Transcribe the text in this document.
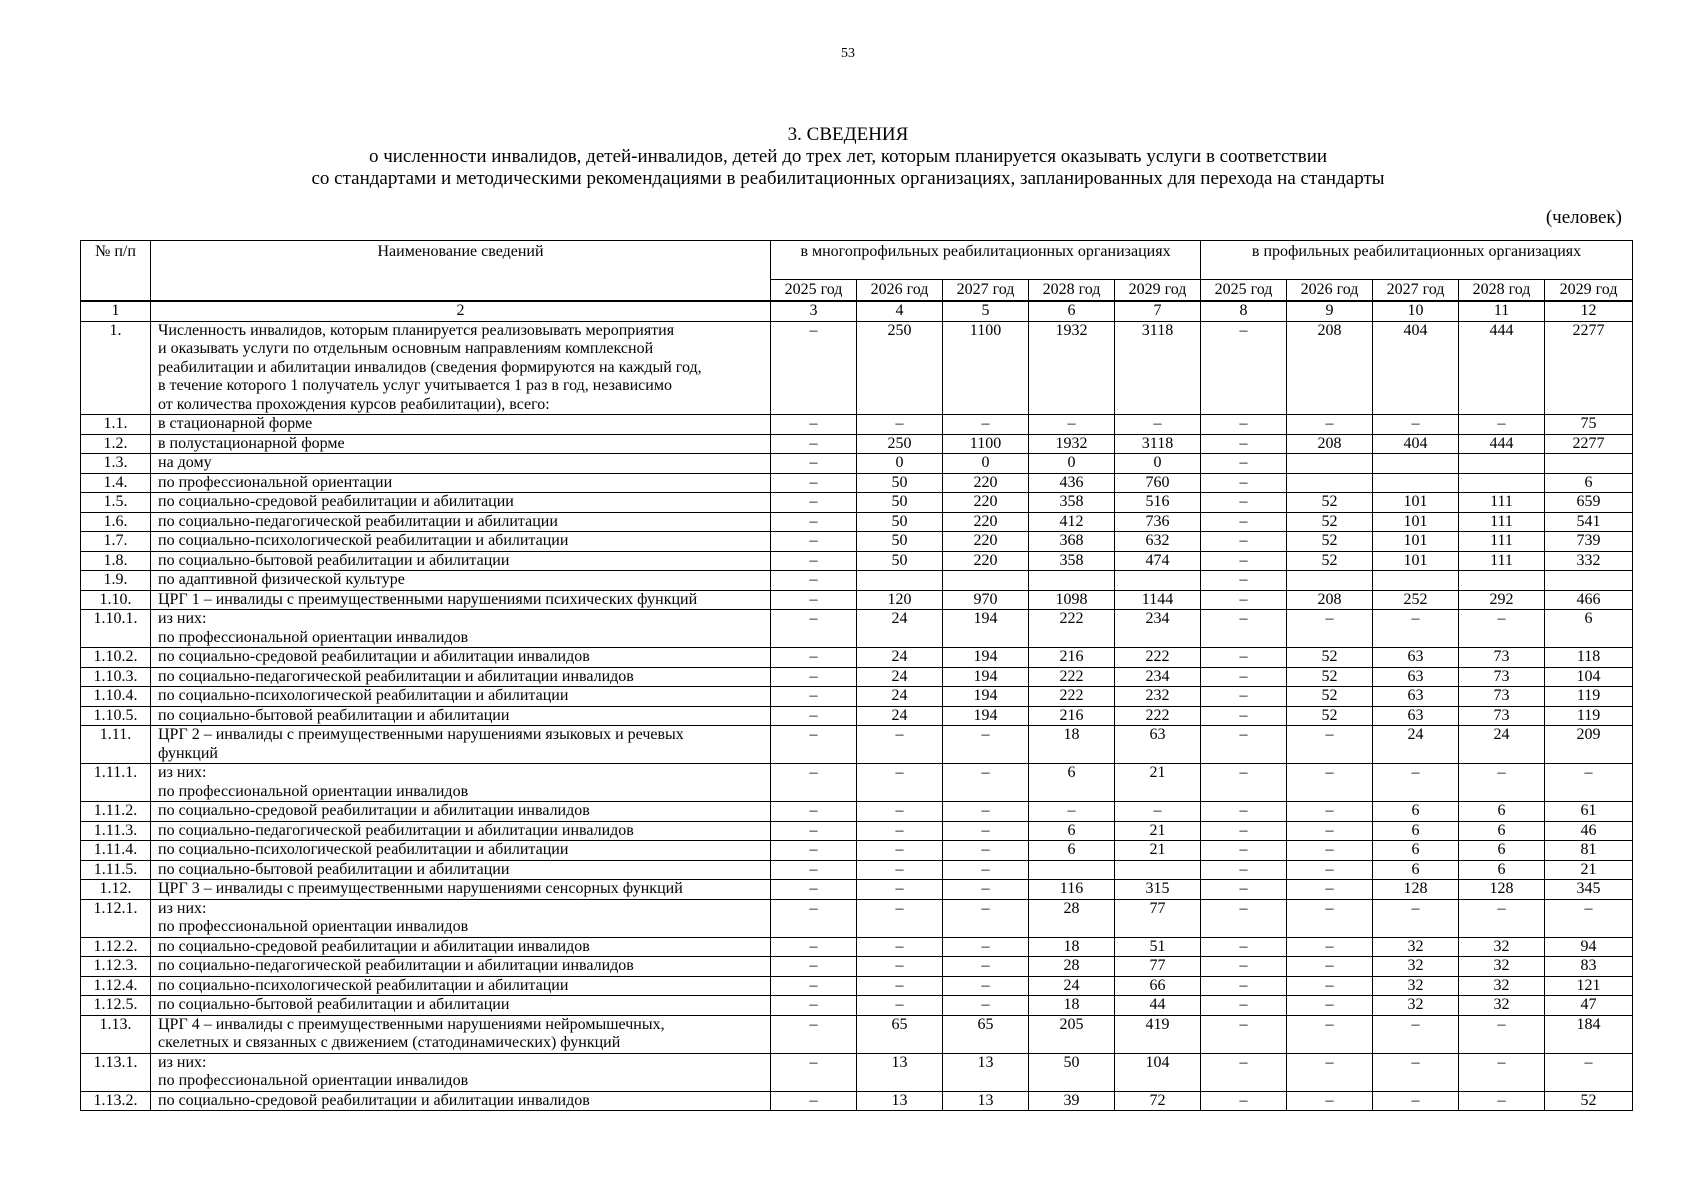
53
3. СВЕДЕНИЯ
о численности инвалидов, детей-инвалидов, детей до трех лет, которым планируется оказывать услуги в соответствии
со стандартами и методическими рекомендациями в реабилитационных организациях, запланированных для перехода на стандарты
(человек)
№ п/п	Наименование сведений	в многопрофильных реабилитационных организациях					в профильных реабилитационных организациях				
		2025 год	2026 год	2027 год	2028 год	2029 год	2025 год	2026 год	2027 год	2028 год	2029 год
1	2	3	4	5	6	7	8	9	10	11	12
1.	Численность инвалидов, которым планируется реализовывать мероприятия
и оказывать услуги по отдельным основным направлениям комплексной
реабилитации и абилитации инвалидов (сведения формируются на каждый год,
в течение которого 1 получатель услуг учитывается 1 раз в год, независимо
от количества прохождения курсов реабилитации), всего:	–	250	1100	1932	3118	–	208	404	444	2277
1.1.	в стационарной форме	–	–	–	–	–	–	–	–	–	75
1.2.	в полустационарной форме	–	250	1100	1932	3118	–	208	404	444	2277
1.3.	на дому	–	0	0	0	0	–				
1.4.	по профессиональной ориентации	–	50	220	436	760	–				6
1.5.	по социально-средовой реабилитации и абилитации	–	50	220	358	516	–	52	101	111	659
1.6.	по социально-педагогической реабилитации и абилитации	–	50	220	412	736	–	52	101	111	541
1.7.	по социально-психологической реабилитации и абилитации	–	50	220	368	632	–	52	101	111	739
1.8.	по социально-бытовой реабилитации и абилитации	–	50	220	358	474	–	52	101	111	332
1.9.	по адаптивной физической культуре	–					–				
1.10.	ЦРГ 1 – инвалиды с преимущественными нарушениями психических функций	–	120	970	1098	1144	–	208	252	292	466
1.10.1.	из них:
по профессиональной ориентации инвалидов	–	24	194	222	234	–	–	–	–	6
1.10.2.	по социально-средовой реабилитации и абилитации инвалидов	–	24	194	216	222	–	52	63	73	118
1.10.3.	по социально-педагогической реабилитации и абилитации инвалидов	–	24	194	222	234	–	52	63	73	104
1.10.4.	по социально-психологической реабилитации и абилитации	–	24	194	222	232	–	52	63	73	119
1.10.5.	по социально-бытовой реабилитации и абилитации	–	24	194	216	222	–	52	63	73	119
1.11.	ЦРГ 2 – инвалиды с преимущественными нарушениями языковых и речевых
функций	–	–	–	18	63	–	–	24	24	209
1.11.1.	из них:
по профессиональной ориентации инвалидов	–	–	–	6	21	–	–	–	–	–
1.11.2.	по социально-средовой реабилитации и абилитации инвалидов	–	–	–	–	–	–	–	6	6	61
1.11.3.	по социально-педагогической реабилитации и абилитации инвалидов	–	–	–	6	21	–	–	6	6	46
1.11.4.	по социально-психологической реабилитации и абилитации	–	–	–	6	21	–	–	6	6	81
1.11.5.	по социально-бытовой реабилитации и абилитации	–	–	–			–	–	6	6	21
1.12.	ЦРГ 3 – инвалиды с преимущественными нарушениями сенсорных функций	–	–	–	116	315	–	–	128	128	345
1.12.1.	из них:
по профессиональной ориентации инвалидов	–	–	–	28	77	–	–	–	–	–
1.12.2.	по социально-средовой реабилитации и абилитации инвалидов	–	–	–	18	51	–	–	32	32	94
1.12.3.	по социально-педагогической реабилитации и абилитации инвалидов	–	–	–	28	77	–	–	32	32	83
1.12.4.	по социально-психологической реабилитации и абилитации	–	–	–	24	66	–	–	32	32	121
1.12.5.	по социально-бытовой реабилитации и абилитации	–	–	–	18	44	–	–	32	32	47
1.13.	ЦРГ 4 – инвалиды с преимущественными нарушениями нейромышечных,
скелетных и связанных с движением (статодинамических) функций	–	65	65	205	419	–	–	–	–	184
1.13.1.	из них:
по профессиональной ориентации инвалидов	–	13	13	50	104	–	–	–	–	–
1.13.2.	по социально-средовой реабилитации и абилитации инвалидов	–	13	13	39	72	–	–	–	–	52
